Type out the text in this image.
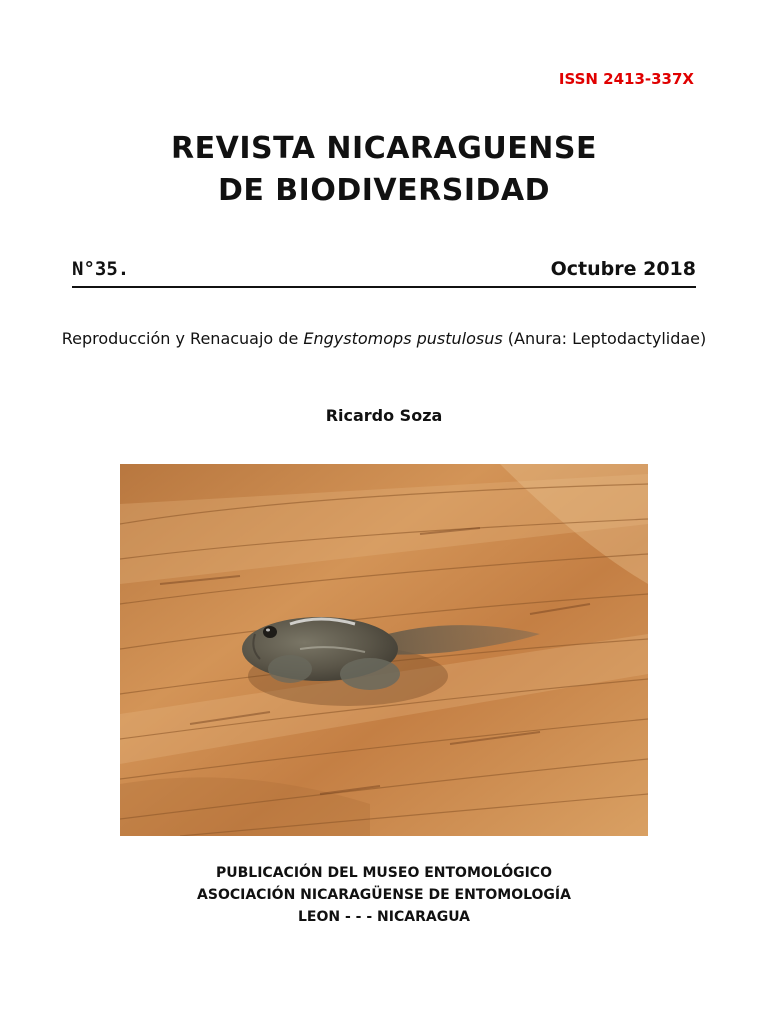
ISSN 2413-337X
REVISTA NICARAGUENSE
DE BIODIVERSIDAD
N°35.	Octubre 2018
Reproducción y Renacuajo de Engystomops pustulosus (Anura: Leptodactylidae)
Ricardo Soza
PUBLICACIÓN DEL MUSEO ENTOMOLÓGICO
ASOCIACIÓN NICARAGÜENSE DE ENTOMOLOGÍA
LEON - - - NICARAGUA
